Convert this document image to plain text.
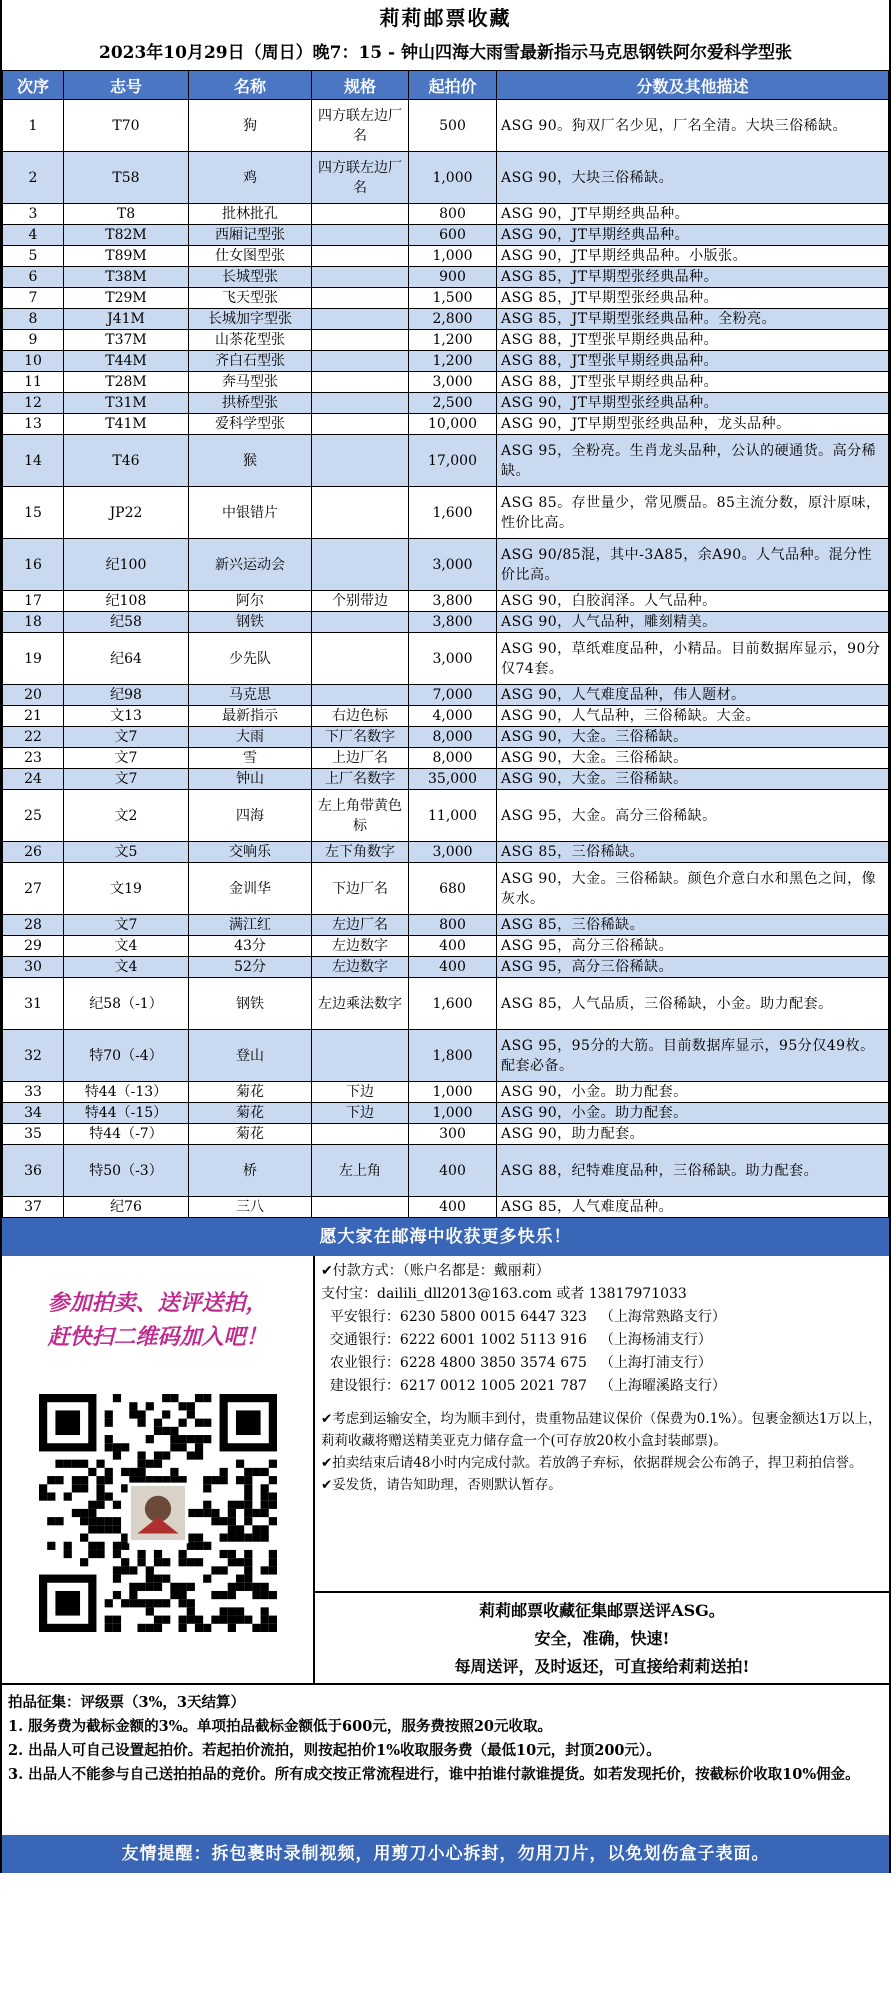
莉莉邮票收藏
2023年10月29日（周日）晚7：15 - 钟山四海大雨雪最新指示马克思钢铁阿尔爱科学型张
次序	志号	名称	规格	起拍价	分数及其他描述
1	T70	狗	四方联左边厂名	500	ASG 90。狗双厂名少见，厂名全清。大块三俗稀缺。
2	T58	鸡	四方联左边厂名	1,000	ASG 90，大块三俗稀缺。
3	T8	批林批孔		800	ASG 90，JT早期经典品种。
4	T82M	西厢记型张		600	ASG 90，JT早期经典品种。
5	T89M	仕女图型张		1,000	ASG 90，JT早期经典品种。小版张。
6	T38M	长城型张		900	ASG 85，JT早期型张经典品种。
7	T29M	飞天型张		1,500	ASG 85，JT早期型张经典品种。
8	J41M	长城加字型张		2,800	ASG 85，JT早期型张经典品种。全粉亮。
9	T37M	山茶花型张		1,200	ASG 88，JT型张早期经典品种。
10	T44M	齐白石型张		1,200	ASG 88，JT型张早期经典品种。
11	T28M	奔马型张		3,000	ASG 88，JT型张早期经典品种。
12	T31M	拱桥型张		2,500	ASG 90，JT早期型张经典品种。
13	T41M	爱科学型张		10,000	ASG 90，JT早期型张经典品种，龙头品种。
14	T46	猴		17,000	ASG 95，全粉亮。生肖龙头品种，公认的硬通货。高分稀缺。
15	JP22	中银错片		1,600	ASG 85。存世量少，常见赝品。85主流分数，原汁原味，性价比高。
16	纪100	新兴运动会		3,000	ASG 90/85混，其中-3A85，余A90。人气品种。混分性价比高。
17	纪108	阿尔	个别带边	3,800	ASG 90，白胶润泽。人气品种。
18	纪58	钢铁		3,800	ASG 90，人气品种，雕刻精美。
19	纪64	少先队		3,000	ASG 90，草纸难度品种，小精品。目前数据库显示，90分仅74套。
20	纪98	马克思		7,000	ASG 90，人气难度品种，伟人题材。
21	文13	最新指示	右边色标	4,000	ASG 90，人气品种，三俗稀缺。大金。
22	文7	大雨	下厂名数字	8,000	ASG 90，大金。三俗稀缺。
23	文7	雪	上边厂名	8,000	ASG 90，大金。三俗稀缺。
24	文7	钟山	上厂名数字	35,000	ASG 90，大金。三俗稀缺。
25	文2	四海	左上角带黄色标	11,000	ASG 95，大金。高分三俗稀缺。
26	文5	交响乐	左下角数字	3,000	ASG 85，三俗稀缺。
27	文19	金训华	下边厂名	680	ASG 90，大金。三俗稀缺。颜色介意白水和黑色之间，像灰水。
28	文7	满江红	左边厂名	800	ASG 85，三俗稀缺。
29	文4	43分	左边数字	400	ASG 95，高分三俗稀缺。
30	文4	52分	左边数字	400	ASG 95，高分三俗稀缺。
31	纪58（-1）	钢铁	左边乘法数字	1,600	ASG 85，人气品质，三俗稀缺，小金。助力配套。
32	特70（-4）	登山		1,800	ASG 95，95分的大筋。目前数据库显示，95分仅49枚。配套必备。
33	特44（-13）	菊花	下边	1,000	ASG 90，小金。助力配套。
34	特44（-15）	菊花	下边	1,000	ASG 90，小金。助力配套。
35	特44（-7）	菊花		300	ASG 90，助力配套。
36	特50（-3）	桥	左上角	400	ASG 88，纪特难度品种，三俗稀缺。助力配套。
37	纪76	三八		400	ASG 85，人气难度品种。
愿大家在邮海中收获更多快乐！
参加拍卖、送评送拍，
赶快扫二维码加入吧！
✔付款方式：（账户名都是：戴丽莉）
支付宝：dailili_dll2013@163.com 或者 13817971033
平安银行：6230 5800 0015 6447 323 （上海常熟路支行）
交通银行：6222 6001 1002 5113 916 （上海杨浦支行）
农业银行：6228 4800 3850 3574 675 （上海打浦支行）
建设银行：6217 0012 1005 2021 787 （上海曜溪路支行）
✔考虑到运输安全，均为顺丰到付，贵重物品建议保价（保费为0.1%）。包裹金额达1万以上，莉莉收藏将赠送精美亚克力储存盒一个(可存放20枚小盒封装邮票)。
✔拍卖结束后请48小时内完成付款。若放鸽子弃标，依据群规会公布鸽子，捍卫莉拍信誉。
✔妥发货，请告知助理，否则默认暂存。
莉莉邮票收藏征集邮票送评ASG。
安全，准确，快速!
每周送评，及时返还，可直接给莉莉送拍!
拍品征集：评级票（3%，3天结算）
1. 服务费为截标金额的3%。单项拍品截标金额低于600元，服务费按照20元收取。
2. 出品人可自己设置起拍价。若起拍价流拍，则按起拍价1%收取服务费（最低10元，封顶200元）。
3. 出品人不能参与自己送拍拍品的竞价。所有成交按正常流程进行，谁中拍谁付款谁提货。如若发现托价，按截标价收取10%佣金。
友情提醒：拆包裹时录制视频，用剪刀小心拆封，勿用刀片，以免划伤盒子表面。
